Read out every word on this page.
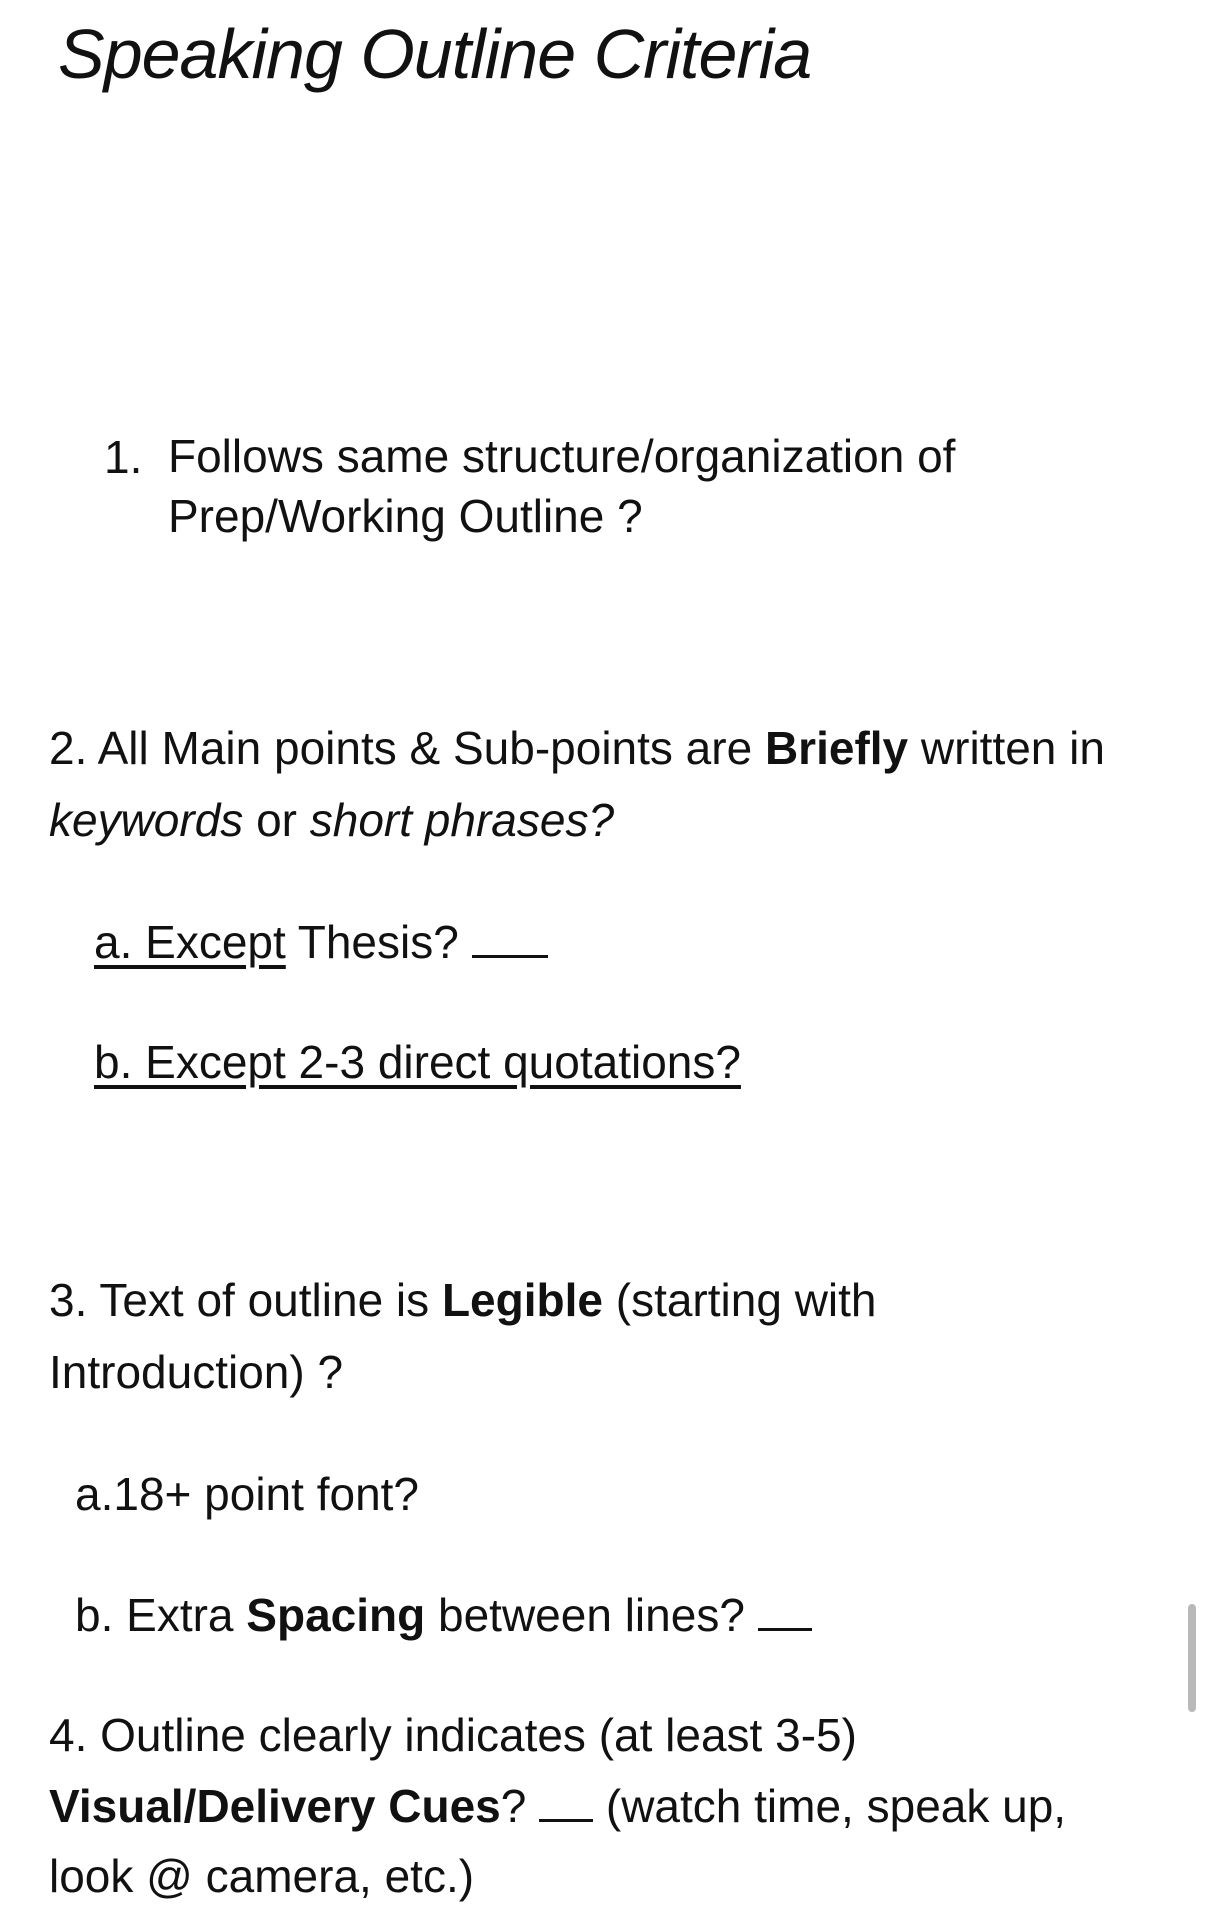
Speaking Outline Criteria
1. Follows same structure/organization of
Prep/Working Outline ?
2. All Main points & Sub-points are Briefly written in
keywords or short phrases?
a. Except Thesis?
b. Except 2-3 direct quotations?
3. Text of outline is Legible (starting with
Introduction) ?
a.18+ point font?
b. Extra Spacing between lines?
4. Outline clearly indicates (at least 3-5)
Visual/Delivery Cues?  (watch time, speak up,
look @ camera, etc.)
